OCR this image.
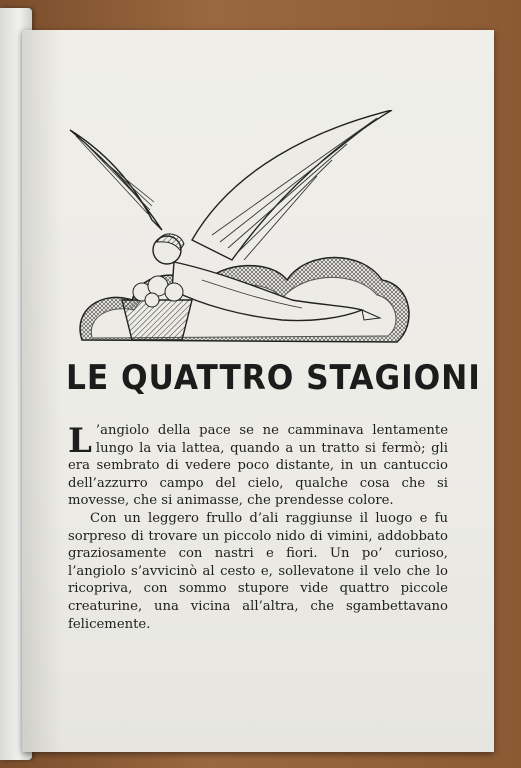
LE QUATTRO STAGIONI

L ’angiolo della pace se ne camminava lentamente lungo la via lattea, quando a un tratto si fermò; gli era sembrato di vedere poco distante, in un cantuccio dell’azzurro campo del cielo, qualche cosa che si movesse, che si animasse, che prendesse colore.

Con un leggero frullo d’ali raggiunse il luogo e fu sorpreso di trovare un piccolo nido di vimini, addobbato graziosamente con nastri e fiori. Un po’ curioso, l’angiolo s’avvicinò al cesto e, sollevatone il velo che lo ricopriva, con sommo stupore vide quattro piccole creaturine, una vicina all’altra, che sgambettavano felicemente.
